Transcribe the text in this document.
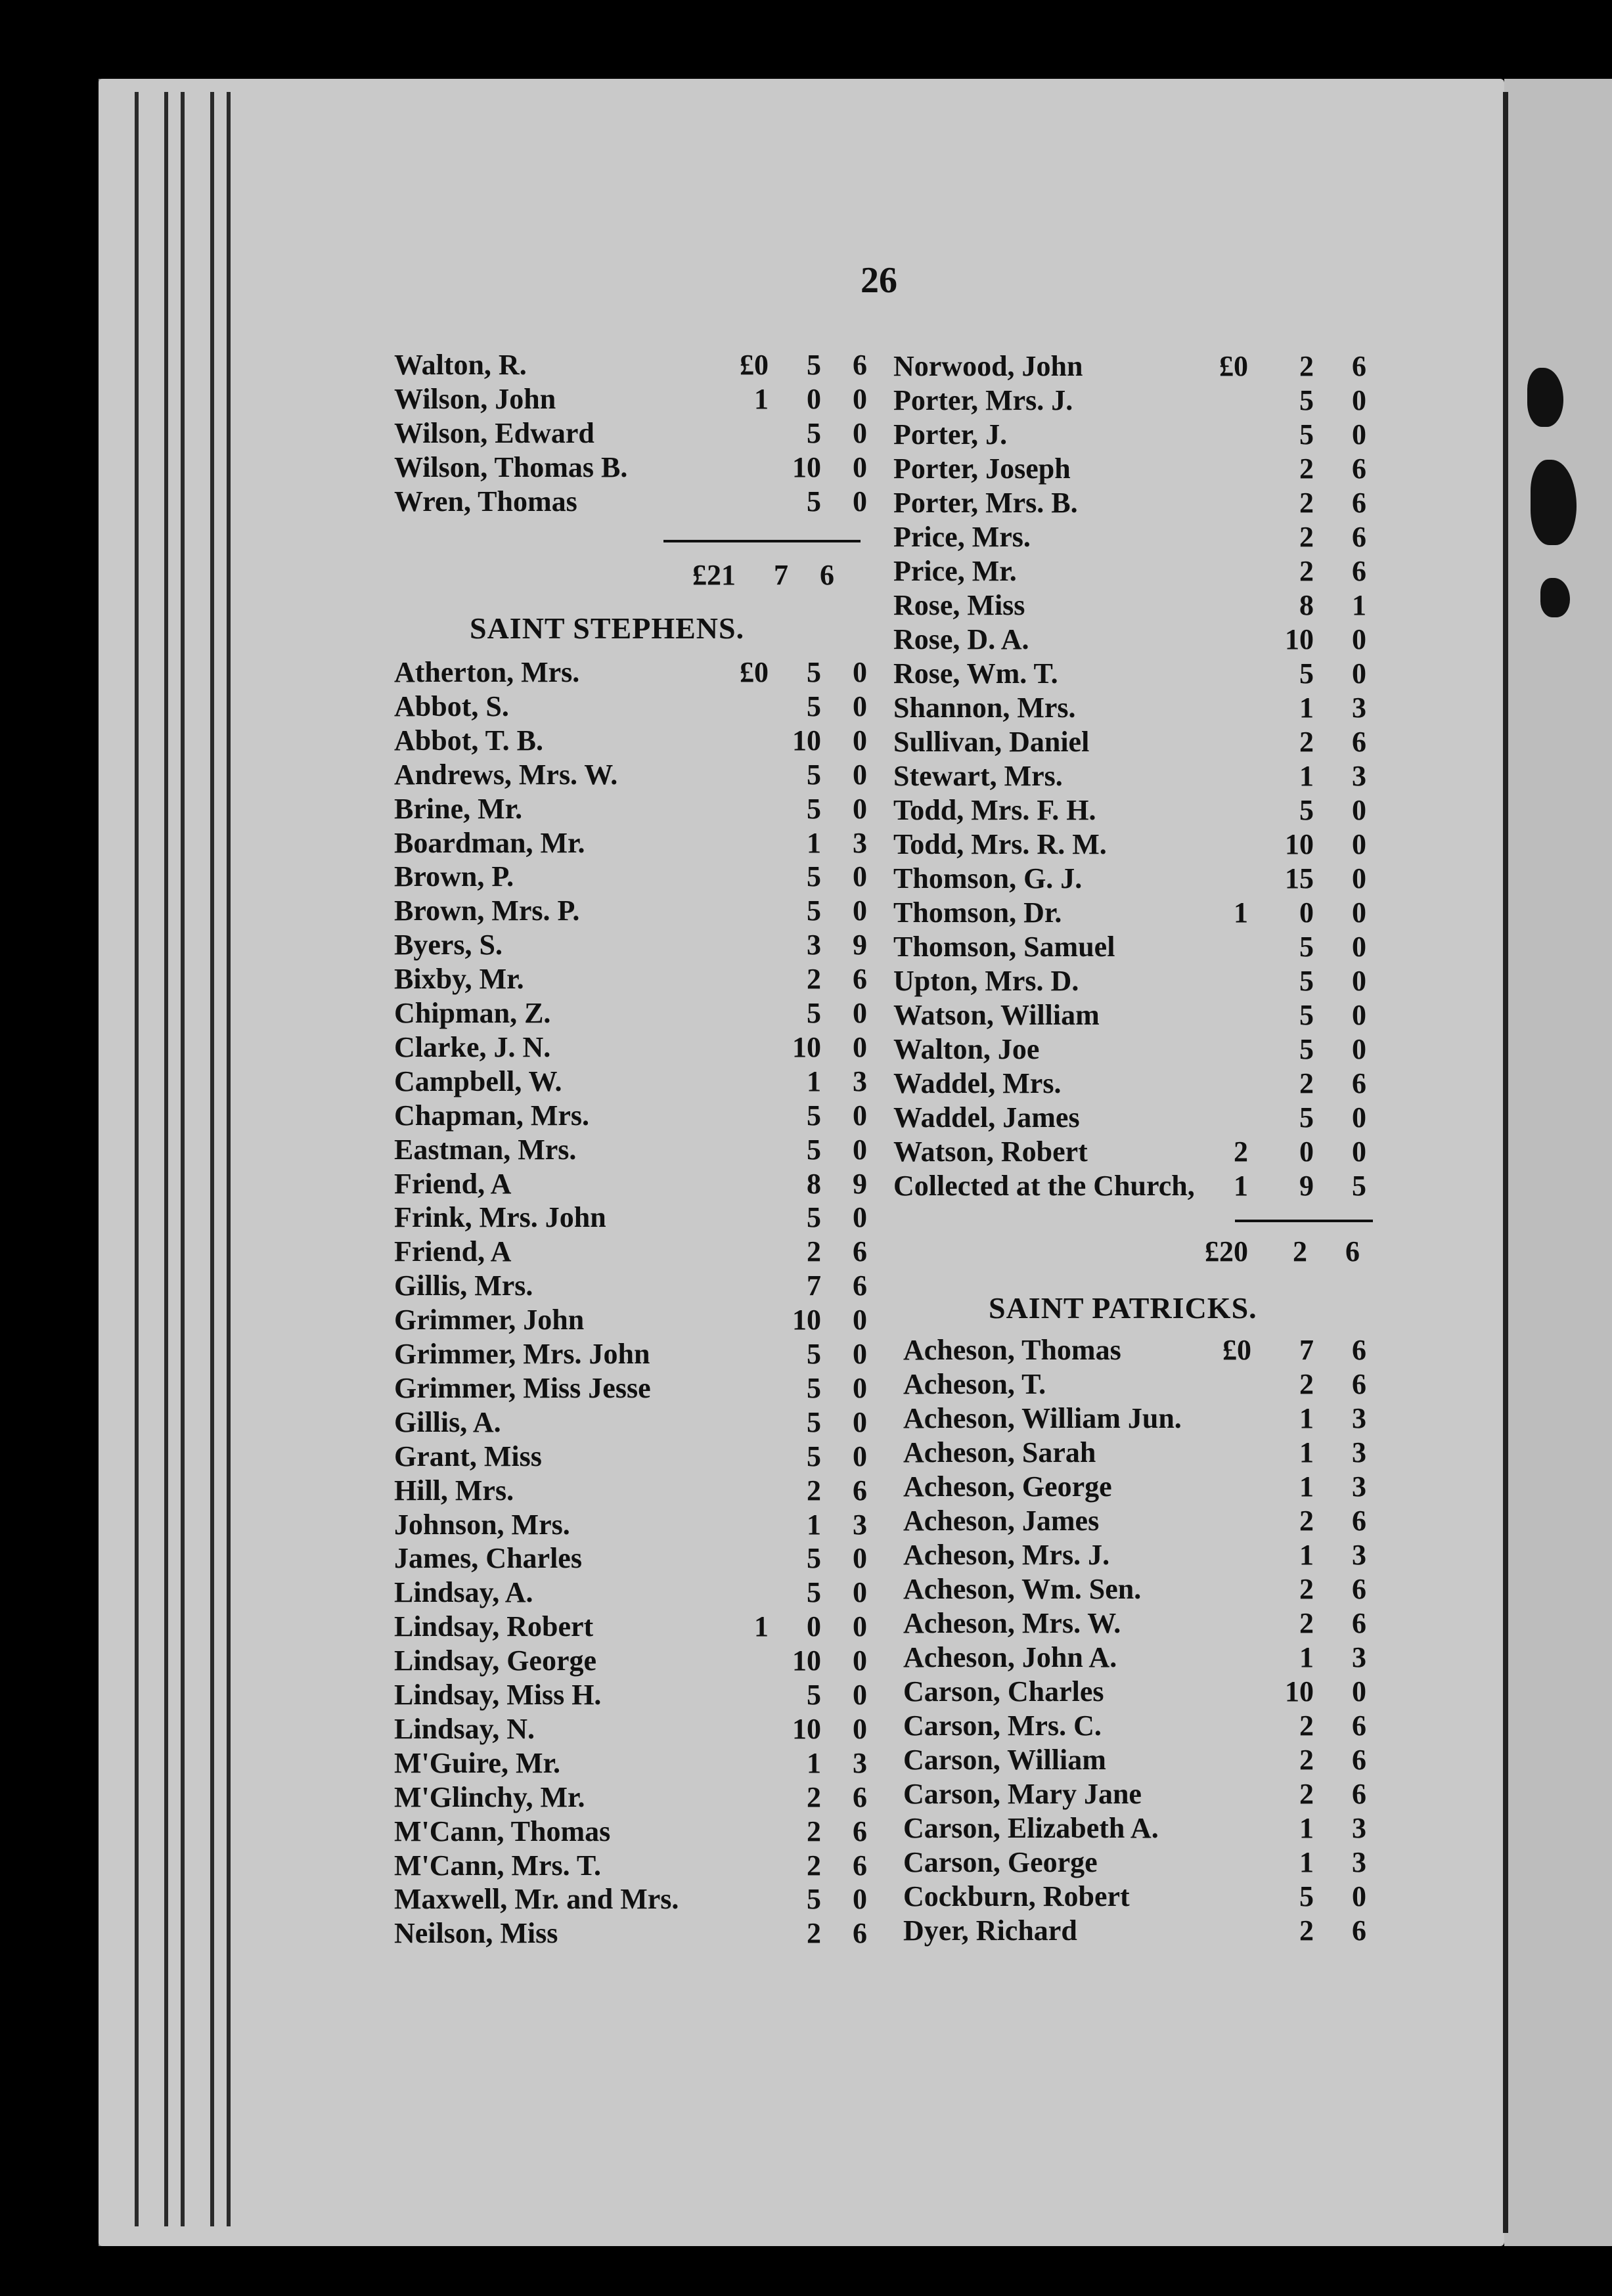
26
Walton, R.	£0	5	6
Wilson, John	1	0	0
Wilson, Edward	5	0
Wilson, Thomas B.	10	0
Wren, Thomas	5	0
Atherton, Mrs.	£0	5	0
Abbot, S.	5	0
Abbot, T. B.	10	0
Andrews, Mrs. W.	5	0
Brine, Mr.	5	0
Boardman, Mr.	1	3
Brown, P.	5	0
Brown, Mrs. P.	5	0
Byers, S.	3	9
Bixby, Mr.	2	6
Chipman, Z.	5	0
Clarke, J. N.	10	0
Campbell, W.	1	3
Chapman, Mrs.	5	0
Eastman, Mrs.	5	0
Friend, A	8	9
Frink, Mrs. John	5	0
Friend, A	2	6
Gillis, Mrs.	7	6
Grimmer, John	10	0
Grimmer, Mrs. John	5	0
Grimmer, Miss Jesse	5	0
Gillis, A.	5	0
Grant, Miss	5	0
Hill, Mrs.	2	6
Johnson, Mrs.	1	3
James, Charles	5	0
Lindsay, A.	5	0
Lindsay, Robert	1	0	0
Lindsay, George	10	0
Lindsay, Miss H.	5	0
Lindsay, N.	10	0
M'Guire, Mr.	1	3
M'Glinchy, Mr.	2	6
M'Cann, Thomas	2	6
M'Cann, Mrs. T.	2	6
Maxwell, Mr. and Mrs.	5	0
Neilson, Miss	2	6
Norwood, John	£0	2	6
Porter, Mrs. J.	5	0
Porter, J.	5	0
Porter, Joseph	2	6
Porter, Mrs. B.	2	6
Price, Mrs.	2	6
Price, Mr.	2	6
Rose, Miss	8	1
Rose, D. A.	10	0
Rose, Wm. T.	5	0
Shannon, Mrs.	1	3
Sullivan, Daniel	2	6
Stewart, Mrs.	1	3
Todd, Mrs. F. H.	5	0
Todd, Mrs. R. M.	10	0
Thomson, G. J.	15	0
Thomson, Dr.	1	0	0
Thomson, Samuel	5	0
Upton, Mrs. D.	5	0
Watson, William	5	0
Walton, Joe	5	0
Waddel, Mrs.	2	6
Waddel, James	5	0
Watson, Robert	2	0	0
Collected at the Church,	1	9	5
Acheson, Thomas	£0	7	6
Acheson, T.	2	6
Acheson, William Jun.	1	3
Acheson, Sarah	1	3
Acheson, George	1	3
Acheson, James	2	6
Acheson, Mrs. J.	1	3
Acheson, Wm. Sen.	2	6
Acheson, Mrs. W.	2	6
Acheson, John A.	1	3
Carson, Charles	10	0
Carson, Mrs. C.	2	6
Carson, William	2	6
Carson, Mary Jane	2	6
Carson, Elizabeth A.	1	3
Carson, George	1	3
Cockburn, Robert	5	0
Dyer, Richard	2	6
£21	7	6
SAINT STEPHENS.
£20	2	6
SAINT PATRICKS.
